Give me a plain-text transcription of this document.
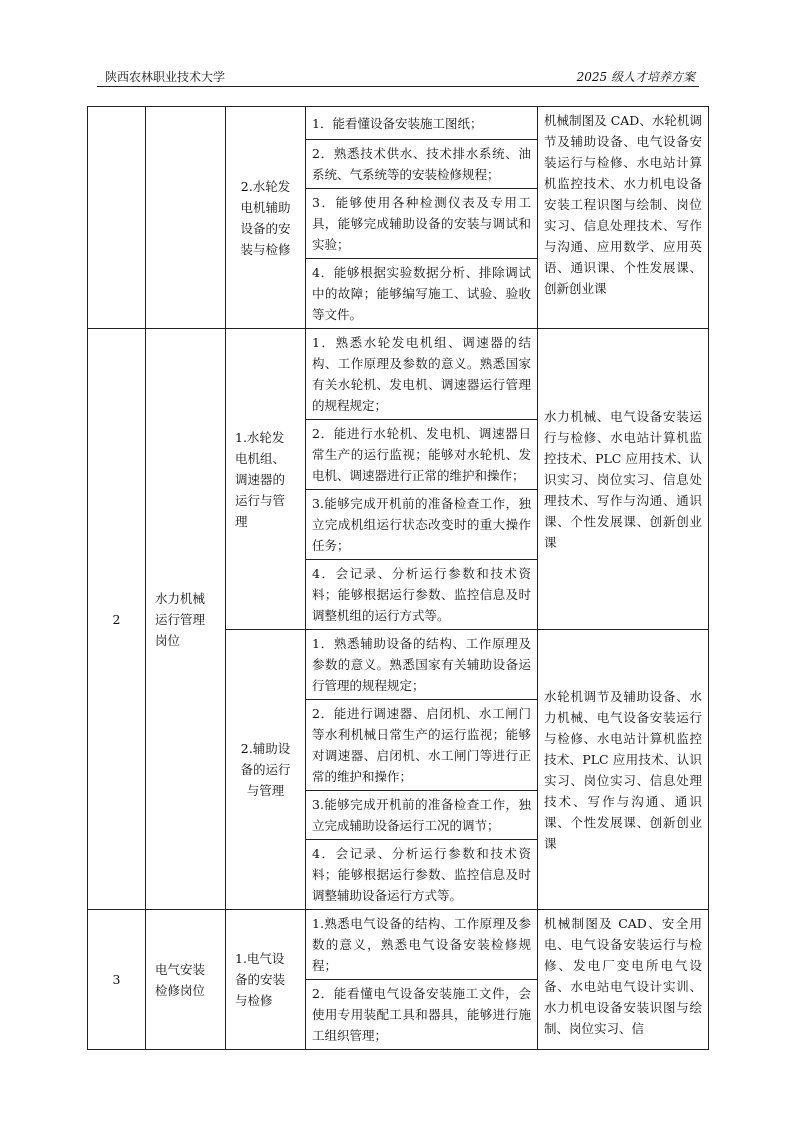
陕西农林职业技术大学	2025 级人才培养方案
		2.水轮发电机辅助设备的安装与检修	1．能看懂设备安装施工图纸；	机械制图及 CAD、水轮机调节及辅助设备、电气设备安装运行与检修、水电站计算机监控技术、水力机电设备安装工程识图与绘制、岗位实习、信息处理技术、写作与沟通、应用数学、应用英语、通识课、个性发展课、创新创业课
			2．熟悉技术供水、技术排水系统、油系统、气系统等的安装检修规程；	
			3．能够使用各种检测仪表及专用工具，能够完成辅助设备的安装与调试和实验；	
			4．能够根据实验数据分析、排除调试中的故障；能够编写施工、试验、验收等文件。	
2	水力机械运行管理岗位	1.水轮发电机组、调速器的运行与管理	1．熟悉水轮发电机组、调速器的结构、工作原理及参数的意义。熟悉国家有关水轮机、发电机、调速器运行管理的规程规定；	水力机械、电气设备安装运行与检修、水电站计算机监控技术、PLC 应用技术、认识实习、岗位实习、信息处理技术、写作与沟通、通识课、个性发展课、创新创业课
			2．能进行水轮机、发电机、调速器日常生产的运行监视；能够对水轮机、发电机、调速器进行正常的维护和操作；	
			3.能够完成开机前的准备检查工作，独立完成机组运行状态改变时的重大操作任务；	
			4．会记录、分析运行参数和技术资料；能够根据运行参数、监控信息及时调整机组的运行方式等。	
		2.辅助设备的运行与管理	1．熟悉辅助设备的结构、工作原理及参数的意义。熟悉国家有关辅助设备运行管理的规程规定；	水轮机调节及辅助设备、水力机械、电气设备安装运行与检修、水电站计算机监控技术、PLC 应用技术、认识实习、岗位实习、信息处理技术、写作与沟通、通识课、个性发展课、创新创业课
			2．能进行调速器、启闭机、水工闸门等水利机械日常生产的运行监视；能够对调速器、启闭机、水工闸门等进行正常的维护和操作；	
			3.能够完成开机前的准备检查工作，独立完成辅助设备运行工况的调节；	
			4．会记录、分析运行参数和技术资料；能够根据运行参数、监控信息及时调整辅助设备运行方式等。	
3	电气安装检修岗位	1.电气设备的安装与检修	1.熟悉电气设备的结构、工作原理及参数的意义，熟悉电气设备安装检修规程；	机械制图及 CAD、安全用电、电气设备安装运行与检修、发电厂变电所电气设备、水电站电气设计实训、水力机电设备安装识图与绘制、岗位实习、信
			2．能看懂电气设备安装施工文件，会使用专用装配工具和器具，能够进行施工组织管理；	
